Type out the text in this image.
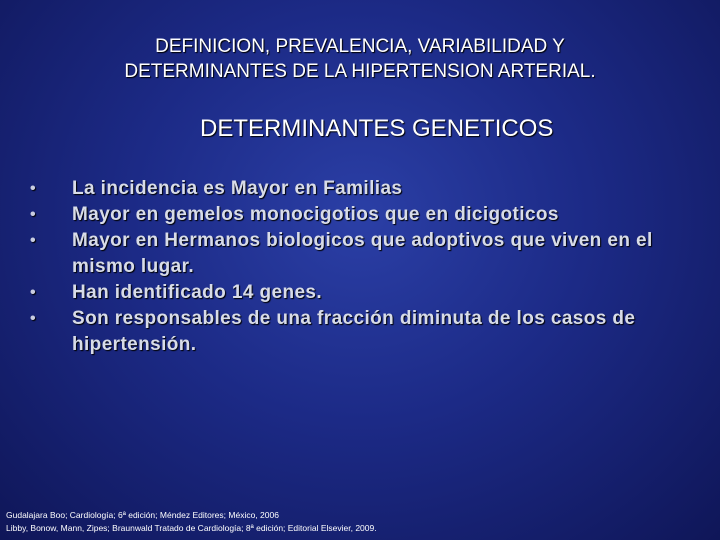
DEFINICION, PREVALENCIA, VARIABILIDAD Y
DETERMINANTES DE LA HIPERTENSION ARTERIAL.
DETERMINANTES GENETICOS
• La incidencia es Mayor en Familias
• Mayor en gemelos monocigotios que en dicigoticos
• Mayor en Hermanos biologicos que adoptivos que viven en el mismo lugar.
• Han identificado 14 genes.
• Son responsables de una fracción diminuta de los casos de hipertensión.
Gudalajara Boo; Cardiología; 6ª edición; Méndez Editores; México, 2006
Libby, Bonow, Mann, Zipes; Braunwald Tratado de Cardiología; 8ª edición; Editorial Elsevier, 2009.
